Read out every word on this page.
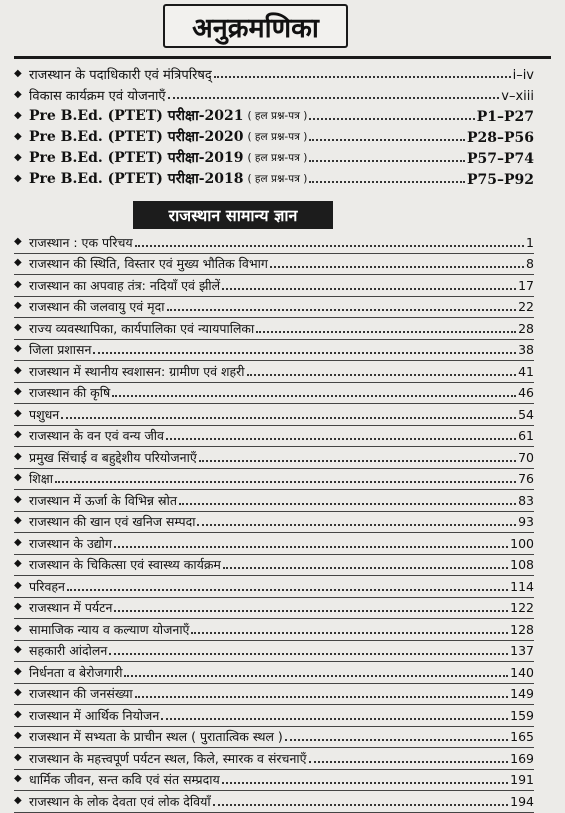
अनुक्रमणिका
◆ राजस्थान के पदाधिकारी एवं मंत्रिपरिषद्	i–iv
◆ विकास कार्यक्रम एवं योजनाएँ	v–xiii
◆ Pre B.Ed. (PTET) परीक्षा-2021 ( हल प्रश्न-पत्र )	P1–P27
◆ Pre B.Ed. (PTET) परीक्षा-2020 ( हल प्रश्न-पत्र )	P28–P56
◆ Pre B.Ed. (PTET) परीक्षा-2019 ( हल प्रश्न-पत्र )	P57–P74
◆ Pre B.Ed. (PTET) परीक्षा-2018 ( हल प्रश्न-पत्र )	P75–P92
राजस्थान सामान्य ज्ञान
◆ राजस्थान : एक परिचय	1
◆ राजस्थान की स्थिति, विस्तार एवं मुख्य भौतिक विभाग	8
◆ राजस्थान का अपवाह तंत्र: नदियाँ एवं झीलें	17
◆ राजस्थान की जलवायु एवं मृदा	22
◆ राज्य व्यवस्थापिका, कार्यपालिका एवं न्यायपालिका	28
◆ जिला प्रशासन	38
◆ राजस्थान में स्थानीय स्वशासन: ग्रामीण एवं शहरी	41
◆ राजस्थान की कृषि	46
◆ पशुधन	54
◆ राजस्थान के वन एवं वन्य जीव	61
◆ प्रमुख सिंचाई व बहुद्देशीय परियोजनाएँ	70
◆ शिक्षा	76
◆ राजस्थान में ऊर्जा के विभिन्न स्रोत	83
◆ राजस्थान की खान एवं खनिज सम्पदा	93
◆ राजस्थान के उद्योग	100
◆ राजस्थान के चिकित्सा एवं स्वास्थ्य कार्यक्रम	108
◆ परिवहन	114
◆ राजस्थान में पर्यटन	122
◆ सामाजिक न्याय व कल्याण योजनाएँ	128
◆ सहकारी आंदोलन	137
◆ निर्धनता व बेरोजगारी	140
◆ राजस्थान की जनसंख्या	149
◆ राजस्थान में आर्थिक नियोजन	159
◆ राजस्थान में सभ्यता के प्राचीन स्थल ( पुरातात्विक स्थल )	165
◆ राजस्थान के महत्त्वपूर्ण पर्यटन स्थल, किले, स्मारक व संरचनाएँ	169
◆ धार्मिक जीवन, सन्त कवि एवं संत सम्प्रदाय	191
◆ राजस्थान के लोक देवता एवं लोक देवियाँ	194
